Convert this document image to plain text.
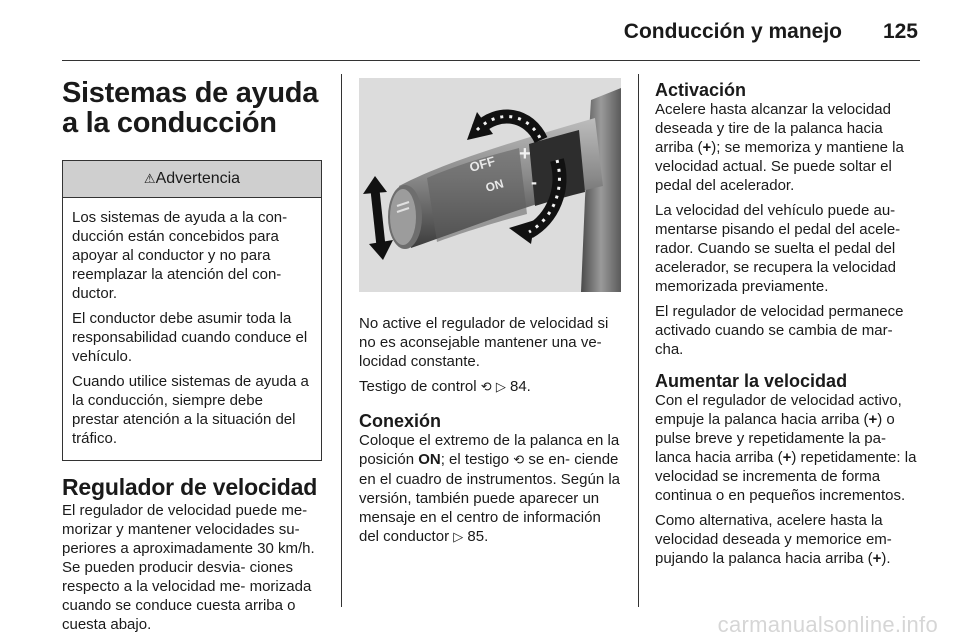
Conducción y manejo 125
Sistemas de ayuda a la conducción
⚠Advertencia

Los sistemas de ayuda a la con- ducción están concebidos para apoyar al conductor y no para reemplazar la atención del con- ductor.

El conductor debe asumir toda la responsabilidad cuando conduce el vehículo.

Cuando utilice sistemas de ayuda a la conducción, siempre debe prestar atención a la situación del tráfico.

Regulador de velocidad

El regulador de velocidad puede me- morizar y mantener velocidades su- periores a aproximadamente 30 km/h. Se pueden producir desvia- ciones respecto a la velocidad me- morizada cuando se conduce cuesta arriba o cuesta abajo.

OFF
ON
+
-

No active el regulador de velocidad si no es aconsejable mantener una ve- locidad constante.

Testigo de control ⟲ ▷ 84.

Conexión

Coloque el extremo de la palanca en la posición ON; el testigo ⟲ se en- ciende en el cuadro de instrumentos. Según la versión, también puede aparecer un mensaje en el centro de información del conductor ▷ 85.

Activación

Acelere hasta alcanzar la velocidad deseada y tire de la palanca hacia arriba (+); se memoriza y mantiene la velocidad actual. Se puede soltar el pedal del acelerador.

La velocidad del vehículo puede au- mentarse pisando el pedal del acele- rador. Cuando se suelta el pedal del acelerador, se recupera la velocidad memorizada previamente.

El regulador de velocidad permanece activado cuando se cambia de mar- cha.

Aumentar la velocidad

Con el regulador de velocidad activo, empuje la palanca hacia arriba (+) o pulse breve y repetidamente la pa- lanca hacia arriba (+) repetidamente: la velocidad se incrementa de forma continua o en pequeños incrementos.

Como alternativa, acelere hasta la velocidad deseada y memorice em- pujando la palanca hacia arriba (+).

carmanualsonline.info
